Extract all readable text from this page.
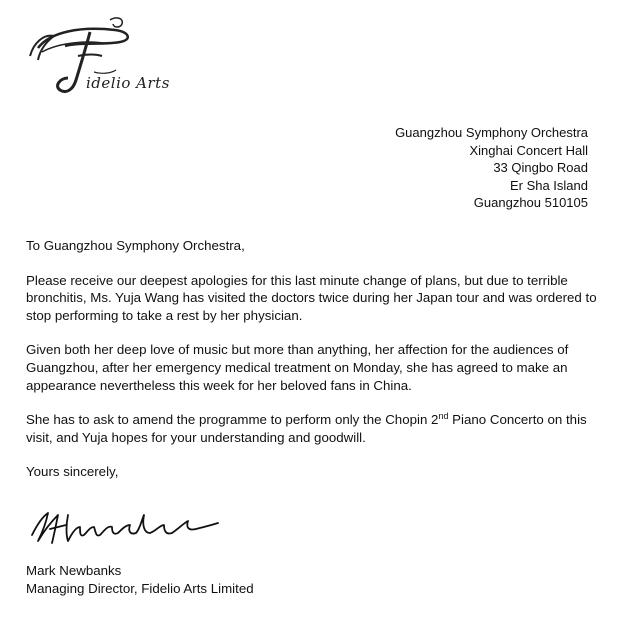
idelio Arts
Guangzhou Symphony Orchestra
Xinghai Concert Hall
33 Qingbo Road
Er Sha Island
Guangzhou 510105

To Guangzhou Symphony Orchestra,

Please receive our deepest apologies for this last minute change of plans, but due to terrible bronchitis, Ms. Yuja Wang has visited the doctors twice during her Japan tour and was ordered to stop performing to take a rest by her physician.

Given both her deep love of music but more than anything, her affection for the audiences of Guangzhou, after her emergency medical treatment on Monday, she has agreed to make an appearance nevertheless this week for her beloved fans in China.

She has to ask to amend the programme to perform only the Chopin 2nd Piano Concerto on this visit, and Yuja hopes for your understanding and goodwill.

Yours sincerely,

Mark Newbanks
Managing Director, Fidelio Arts Limited
